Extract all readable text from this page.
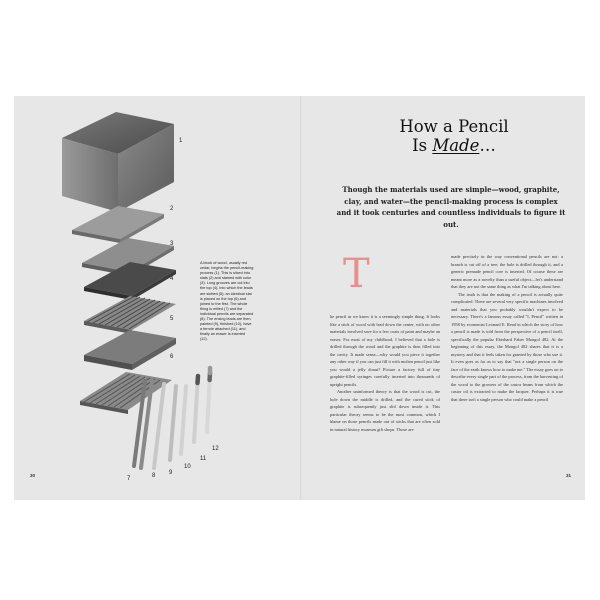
1
2
3
4
5
6
7	8 9
10
11
12
A block of wood, usually red cedar, begins the pencil-making process (1). This is sliced into slats (2) and stained with color (3). Long grooves are cut into the top (4), into which the leads are slotted (5); an identical slat is placed on the top (6) and joined to the first. The whole thing is milled (7) and the individual pencils are separated (8). The ensing leads are then painted (9), finished (10), have a ferrule attached (11), and finally an eraser is inserted (12).
30
How a Pencil
Is Made…
Though the materials used are simple—wood, graphite, clay, and water—the pencil-making process is complex and it took centuries and countless individuals to figure it out.
T

he pencil as we know it is a seemingly simple thing. It looks like a stick of wood with lead down the center, with no other materials involved save for a few coats of paint and maybe an eraser. For most of my childhood, I believed that a hole is drilled through the wood and the graphite is then filled into the cavity. It made sense—why would you piece it together any other way if you can just fill it with molten pencil just like you would a jelly donut? Picture a factory full of tiny graphite-filled syringes carefully inserted into thousands of upright pencils.

Another uninformed theory is that the wood is cut, the hole down the middle is drilled, and the cured stick of graphite is subsequently just slid down inside it. This particular theory seems to be the most common, which I blame on those pencils made out of sticks that are often sold in natural history museum gift shops. Those are

made precisely in the way conventional pencils are not: a branch is cut off of a tree, the hole is drilled through it, and a generic premade pencil core is inserted. Of course these are meant more as a novelty than a useful object—let's understand that they are not the same thing as what I'm talking about here.

The truth is that the making of a pencil is actually quite complicated. There are several very specific machines involved and materials that you probably wouldn't expect to be necessary. There's a famous essay called "I, Pencil" written in 1958 by economist Leonard E. Read in which the story of how a pencil is made is told from the perspective of a pencil itself, specifically the popular Eberhard Faber Mongol 482. At the beginning of this essay, the Mongol 482 shares that it is a mystery and that it feels taken for granted by those who use it. It even goes as far as to say that "not a single person on the face of the earth knows how to make me." The essay goes on to describe every single part of the process, from the harvesting of the wood to the growers of the castor beans from which the castor oil is extracted to make the lacquer. Perhaps it is true that there isn't a single person who could make a pencil

31
